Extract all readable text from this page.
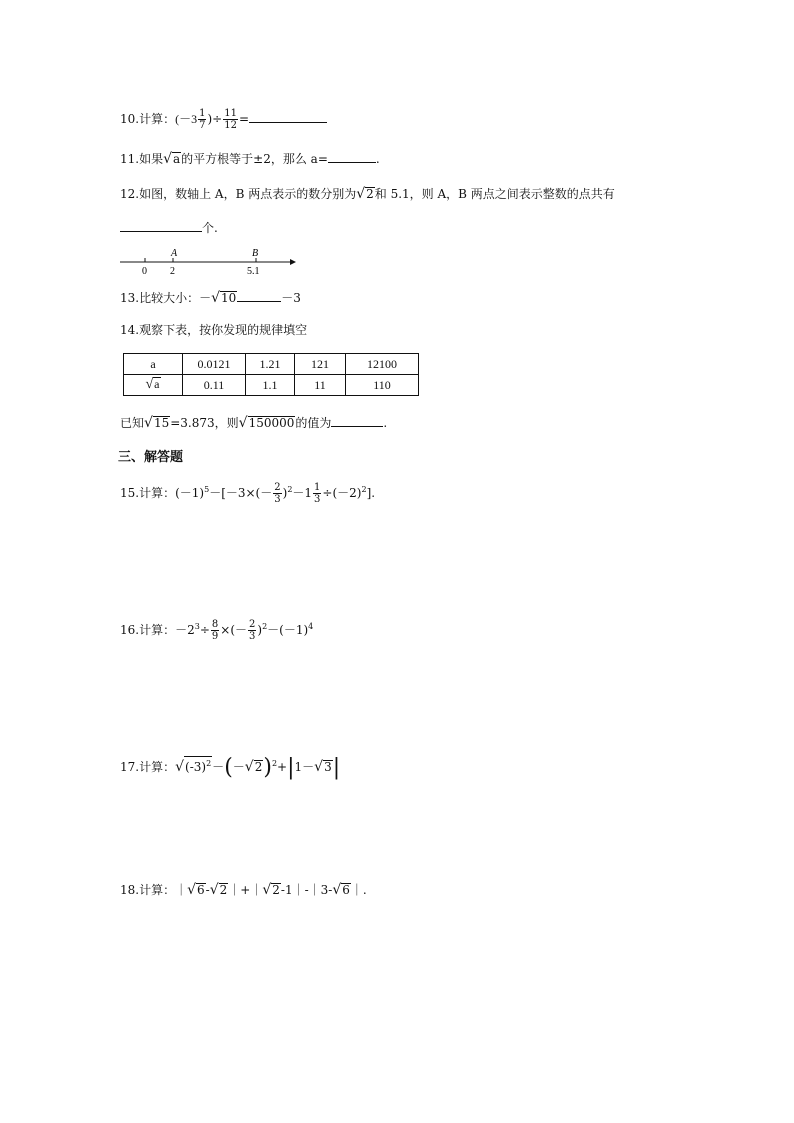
10.计算：($-3 \frac{1}{7}$ )÷ $\frac{11}{12}$ =
11.如果√a的平方根等于±2，那么 a=	.
12.如图，数轴上 A，B 两点表示的数分别为√2和 5.1，则 A，B 两点之间表示整数的点共有
个.
0
A
2
B
5.1
13.比较大小：－√10	－3
14.观察下表，按你发现的规律填空
a	0.0121	1.21	121	12100
√a	0.11	1.1	11	110
已知√15=3.873，则√150000的值为	.
三、解答题
15.计算：$(-1)^5-[-3\times(- \frac{2}{3} )^2-1 \frac{1}{3} \div(-2)^2]$.
16.计算：$-2^3\div \frac{8}{9}$ ×(－ $\frac{2}{3} )^2-(-1)^4$
17.计算：$√(-3)^2-(-√2)^2+|1-√3|$
18.计算：｜√6-√2｜+｜√2-1｜-｜3-√6｜.
